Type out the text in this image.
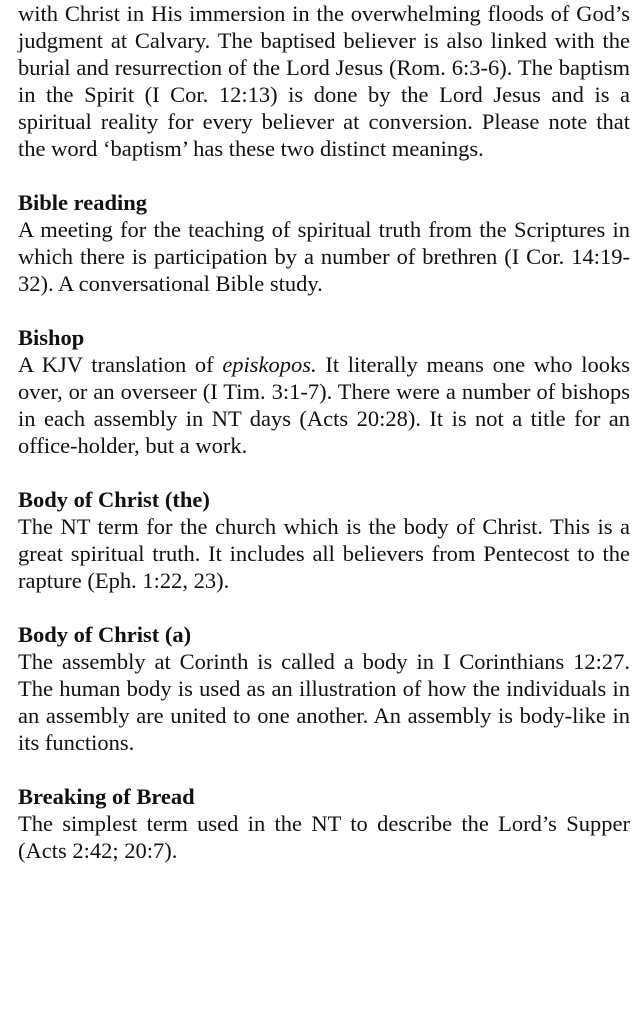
with Christ in His immersion in the overwhelming floods of God’s judgment at Calvary. The baptised believer is also linked with the burial and resurrection of the Lord Jesus (Rom. 6:3-6). The baptism in the Spirit (I Cor. 12:13) is done by the Lord Jesus and is a spiritual reality for every believer at conversion. Please note that the word ‘baptism’ has these two distinct meanings.

Bible reading

A meeting for the teaching of spiritual truth from the Scriptures in which there is participation by a number of brethren (I Cor. 14:19-32). A conversational Bible study.

Bishop

A KJV translation of episkopos. It literally means one who looks over, or an overseer (I Tim. 3:1-7). There were a number of bishops in each assembly in NT days (Acts 20:28). It is not a title for an office-holder, but a work.

Body of Christ (the)

The NT term for the church which is the body of Christ. This is a great spiritual truth. It includes all believers from Pentecost to the rapture (Eph. 1:22, 23).

Body of Christ (a)

The assembly at Corinth is called a body in I Corinthians 12:27. The human body is used as an illustration of how the individuals in an assembly are united to one another. An assembly is body-like in its functions.

Breaking of Bread

The simplest term used in the NT to describe the Lord’s Supper (Acts 2:42; 20:7).
